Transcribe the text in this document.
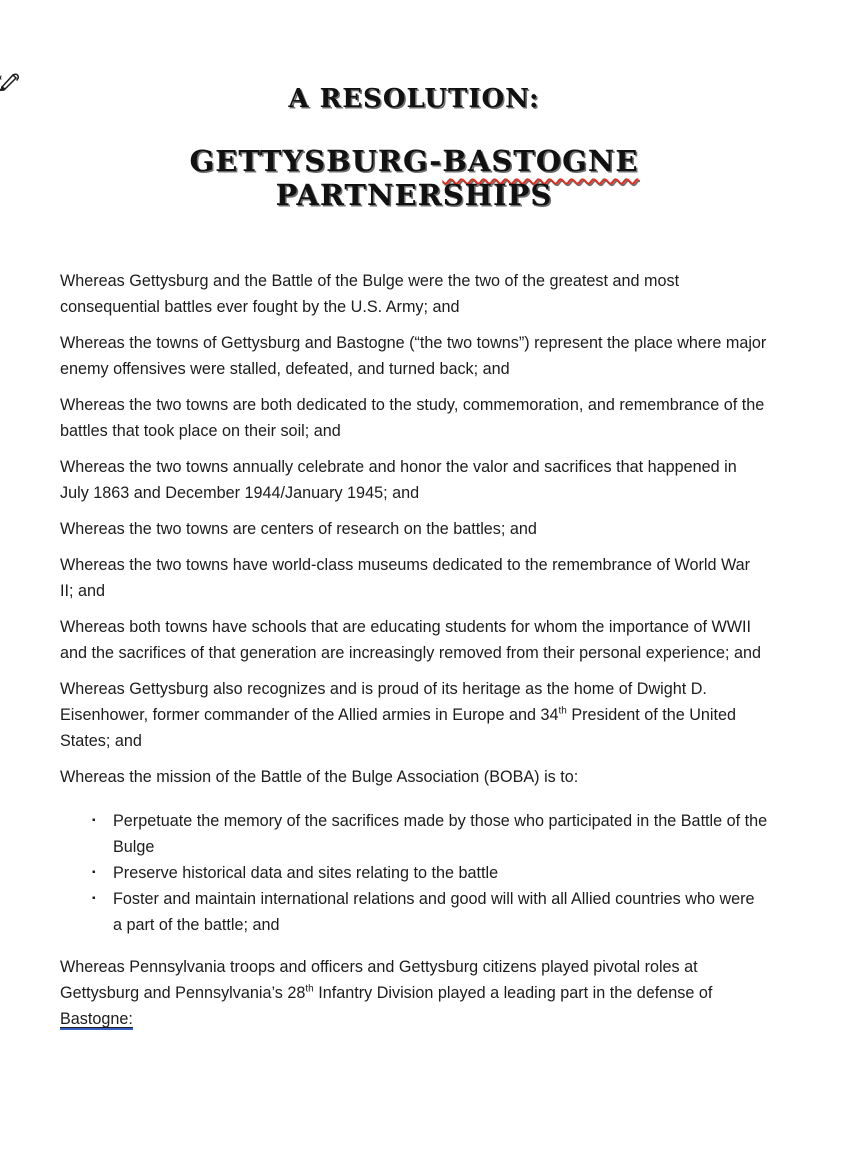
A RESOLUTION:
GETTYSBURG-BASTOGNE PARTNERSHIPS

Whereas Gettysburg and the Battle of the Bulge were the two of the greatest and most consequential battles ever fought by the U.S. Army; and

Whereas the towns of Gettysburg and Bastogne (“the two towns”) represent the place where major enemy offensives were stalled, defeated, and turned back; and

Whereas the two towns are both dedicated to the study, commemoration, and remembrance of the battles that took place on their soil; and

Whereas the two towns annually celebrate and honor the valor and sacrifices that happened in July 1863 and December 1944/January 1945; and

Whereas the two towns are centers of research on the battles; and

Whereas the two towns have world-class museums dedicated to the remembrance of World War II; and

Whereas both towns have schools that are educating students for whom the importance of WWII and the sacrifices of that generation are increasingly removed from their personal experience; and

Whereas Gettysburg also recognizes and is proud of its heritage as the home of Dwight D. Eisenhower, former commander of the Allied armies in Europe and 34th President of the United States; and

Whereas the mission of the Battle of the Bulge Association (BOBA) is to:

▪ Perpetuate the memory of the sacrifices made by those who participated in the Battle of the Bulge
▪ Preserve historical data and sites relating to the battle
▪ Foster and maintain international relations and good will with all Allied countries who were a part of the battle; and

Whereas Pennsylvania troops and officers and Gettysburg citizens played pivotal roles at Gettysburg and Pennsylvania’s 28th Infantry Division played a leading part in the defense of Bastogne:
